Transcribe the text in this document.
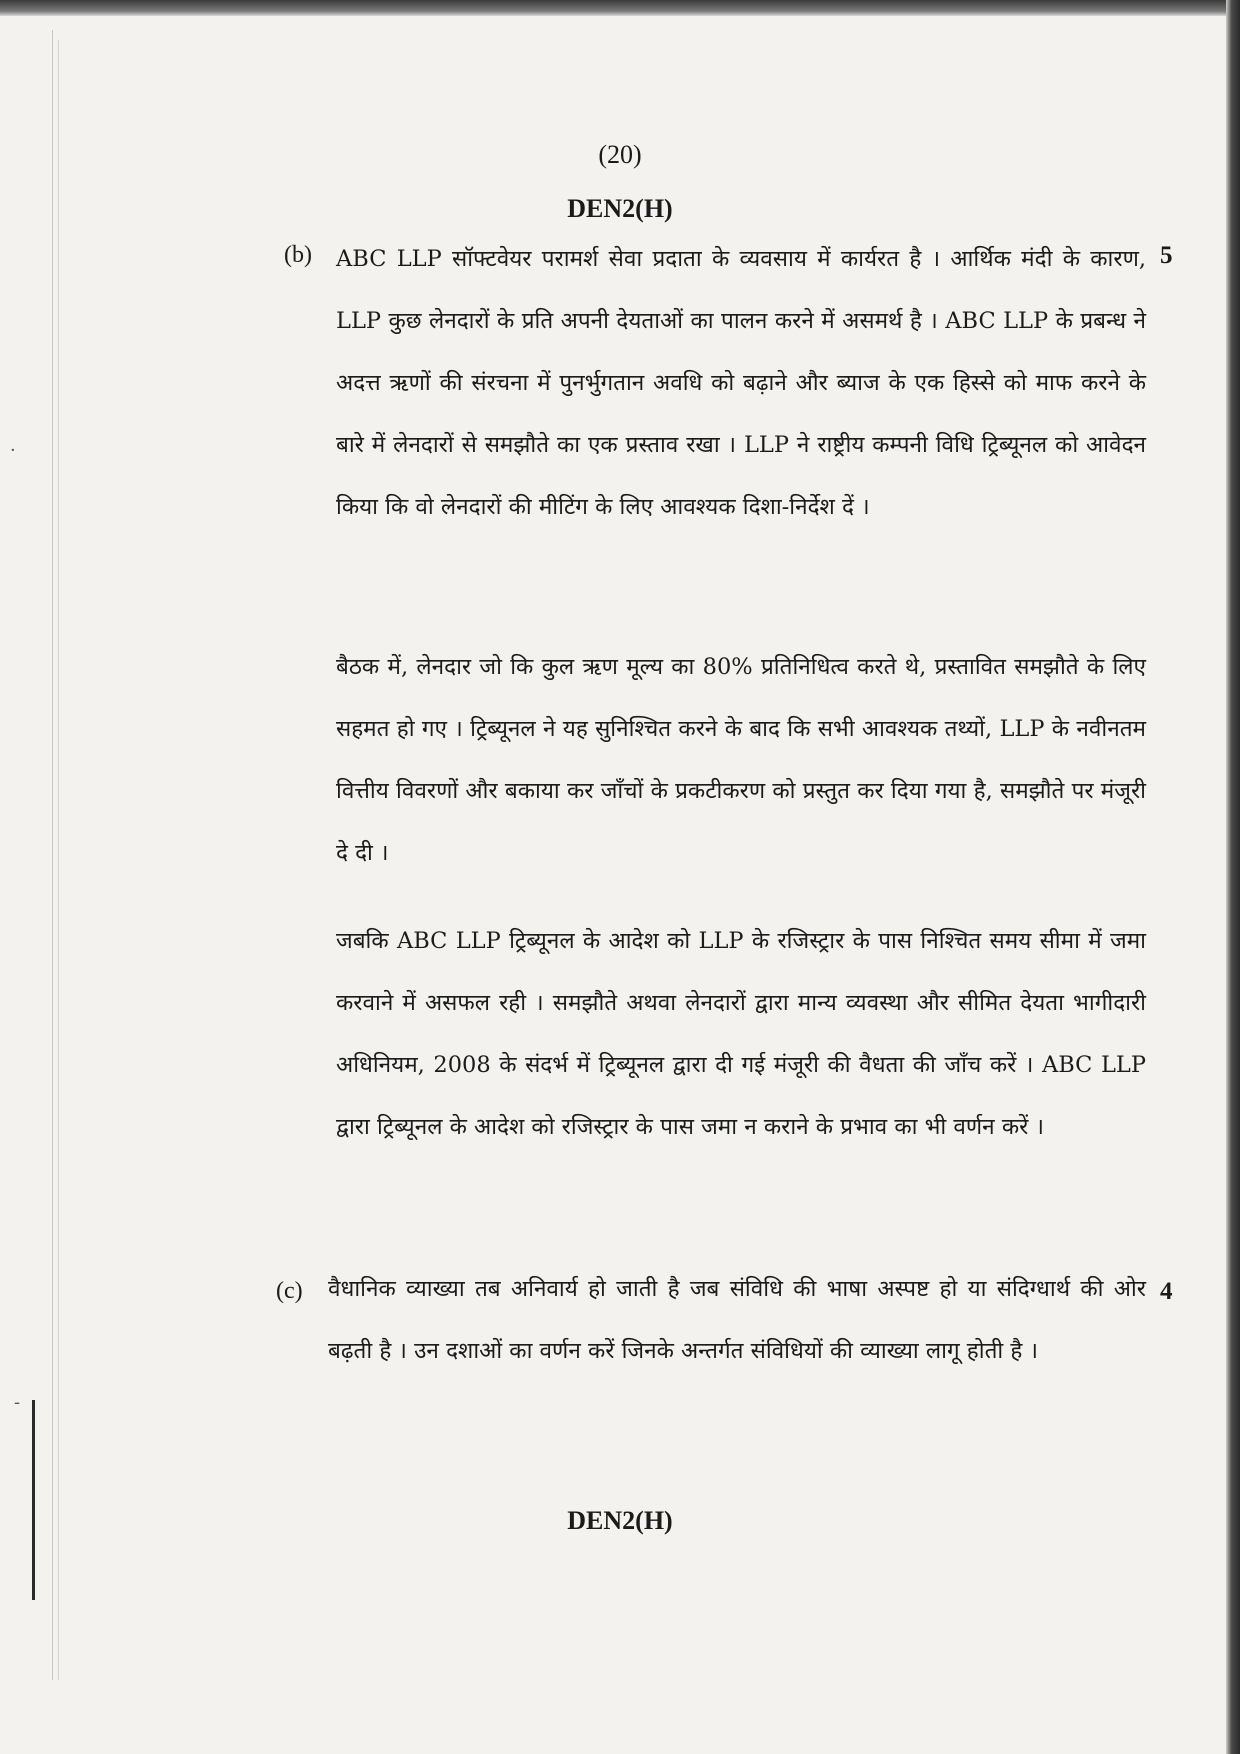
·
-
(20)
DEN2(H)
(b)	5
ABC LLP सॉफ्टवेयर परामर्श सेवा प्रदाता के व्यवसाय में कार्यरत है । आर्थिक मंदी के कारण, LLP कुछ लेनदारों के प्रति अपनी देयताओं का पालन करने में असमर्थ है । ABC LLP के प्रबन्ध ने अदत्त ऋणों की संरचना में पुनर्भुगतान अवधि को बढ़ाने और ब्याज के एक हिस्से को माफ करने के बारे में लेनदारों से समझौते का एक प्रस्ताव रखा । LLP ने राष्ट्रीय कम्पनी विधि ट्रिब्यूनल को आवेदन किया कि वो लेनदारों की मीटिंग के लिए आवश्यक दिशा-निर्देश दें ।
बैठक में, लेनदार जो कि कुल ऋण मूल्य का 80% प्रतिनिधित्व करते थे, प्रस्तावित समझौते के लिए सहमत हो गए । ट्रिब्यूनल ने यह सुनिश्चित करने के बाद कि सभी आवश्यक तथ्यों, LLP के नवीनतम वित्तीय विवरणों और बकाया कर जाँचों के प्रकटीकरण को प्रस्तुत कर दिया गया है, समझौते पर मंजूरी दे दी ।
जबकि ABC LLP ट्रिब्यूनल के आदेश को LLP के रजिस्ट्रार के पास निश्चित समय सीमा में जमा करवाने में असफल रही । समझौते अथवा लेनदारों द्वारा मान्य व्यवस्था और सीमित देयता भागीदारी अधिनियम, 2008 के संदर्भ में ट्रिब्यूनल द्वारा दी गई मंजूरी की वैधता की जाँच करें । ABC LLP द्वारा ट्रिब्यूनल के आदेश को रजिस्ट्रार के पास जमा न कराने के प्रभाव का भी वर्णन करें ।
(c)	4
वैधानिक व्याख्या तब अनिवार्य हो जाती है जब संविधि की भाषा अस्पष्ट हो या संदिग्धार्थ की ओर बढ़ती है । उन दशाओं का वर्णन करें जिनके अन्तर्गत संविधियों की व्याख्या लागू होती है ।
DEN2(H)
